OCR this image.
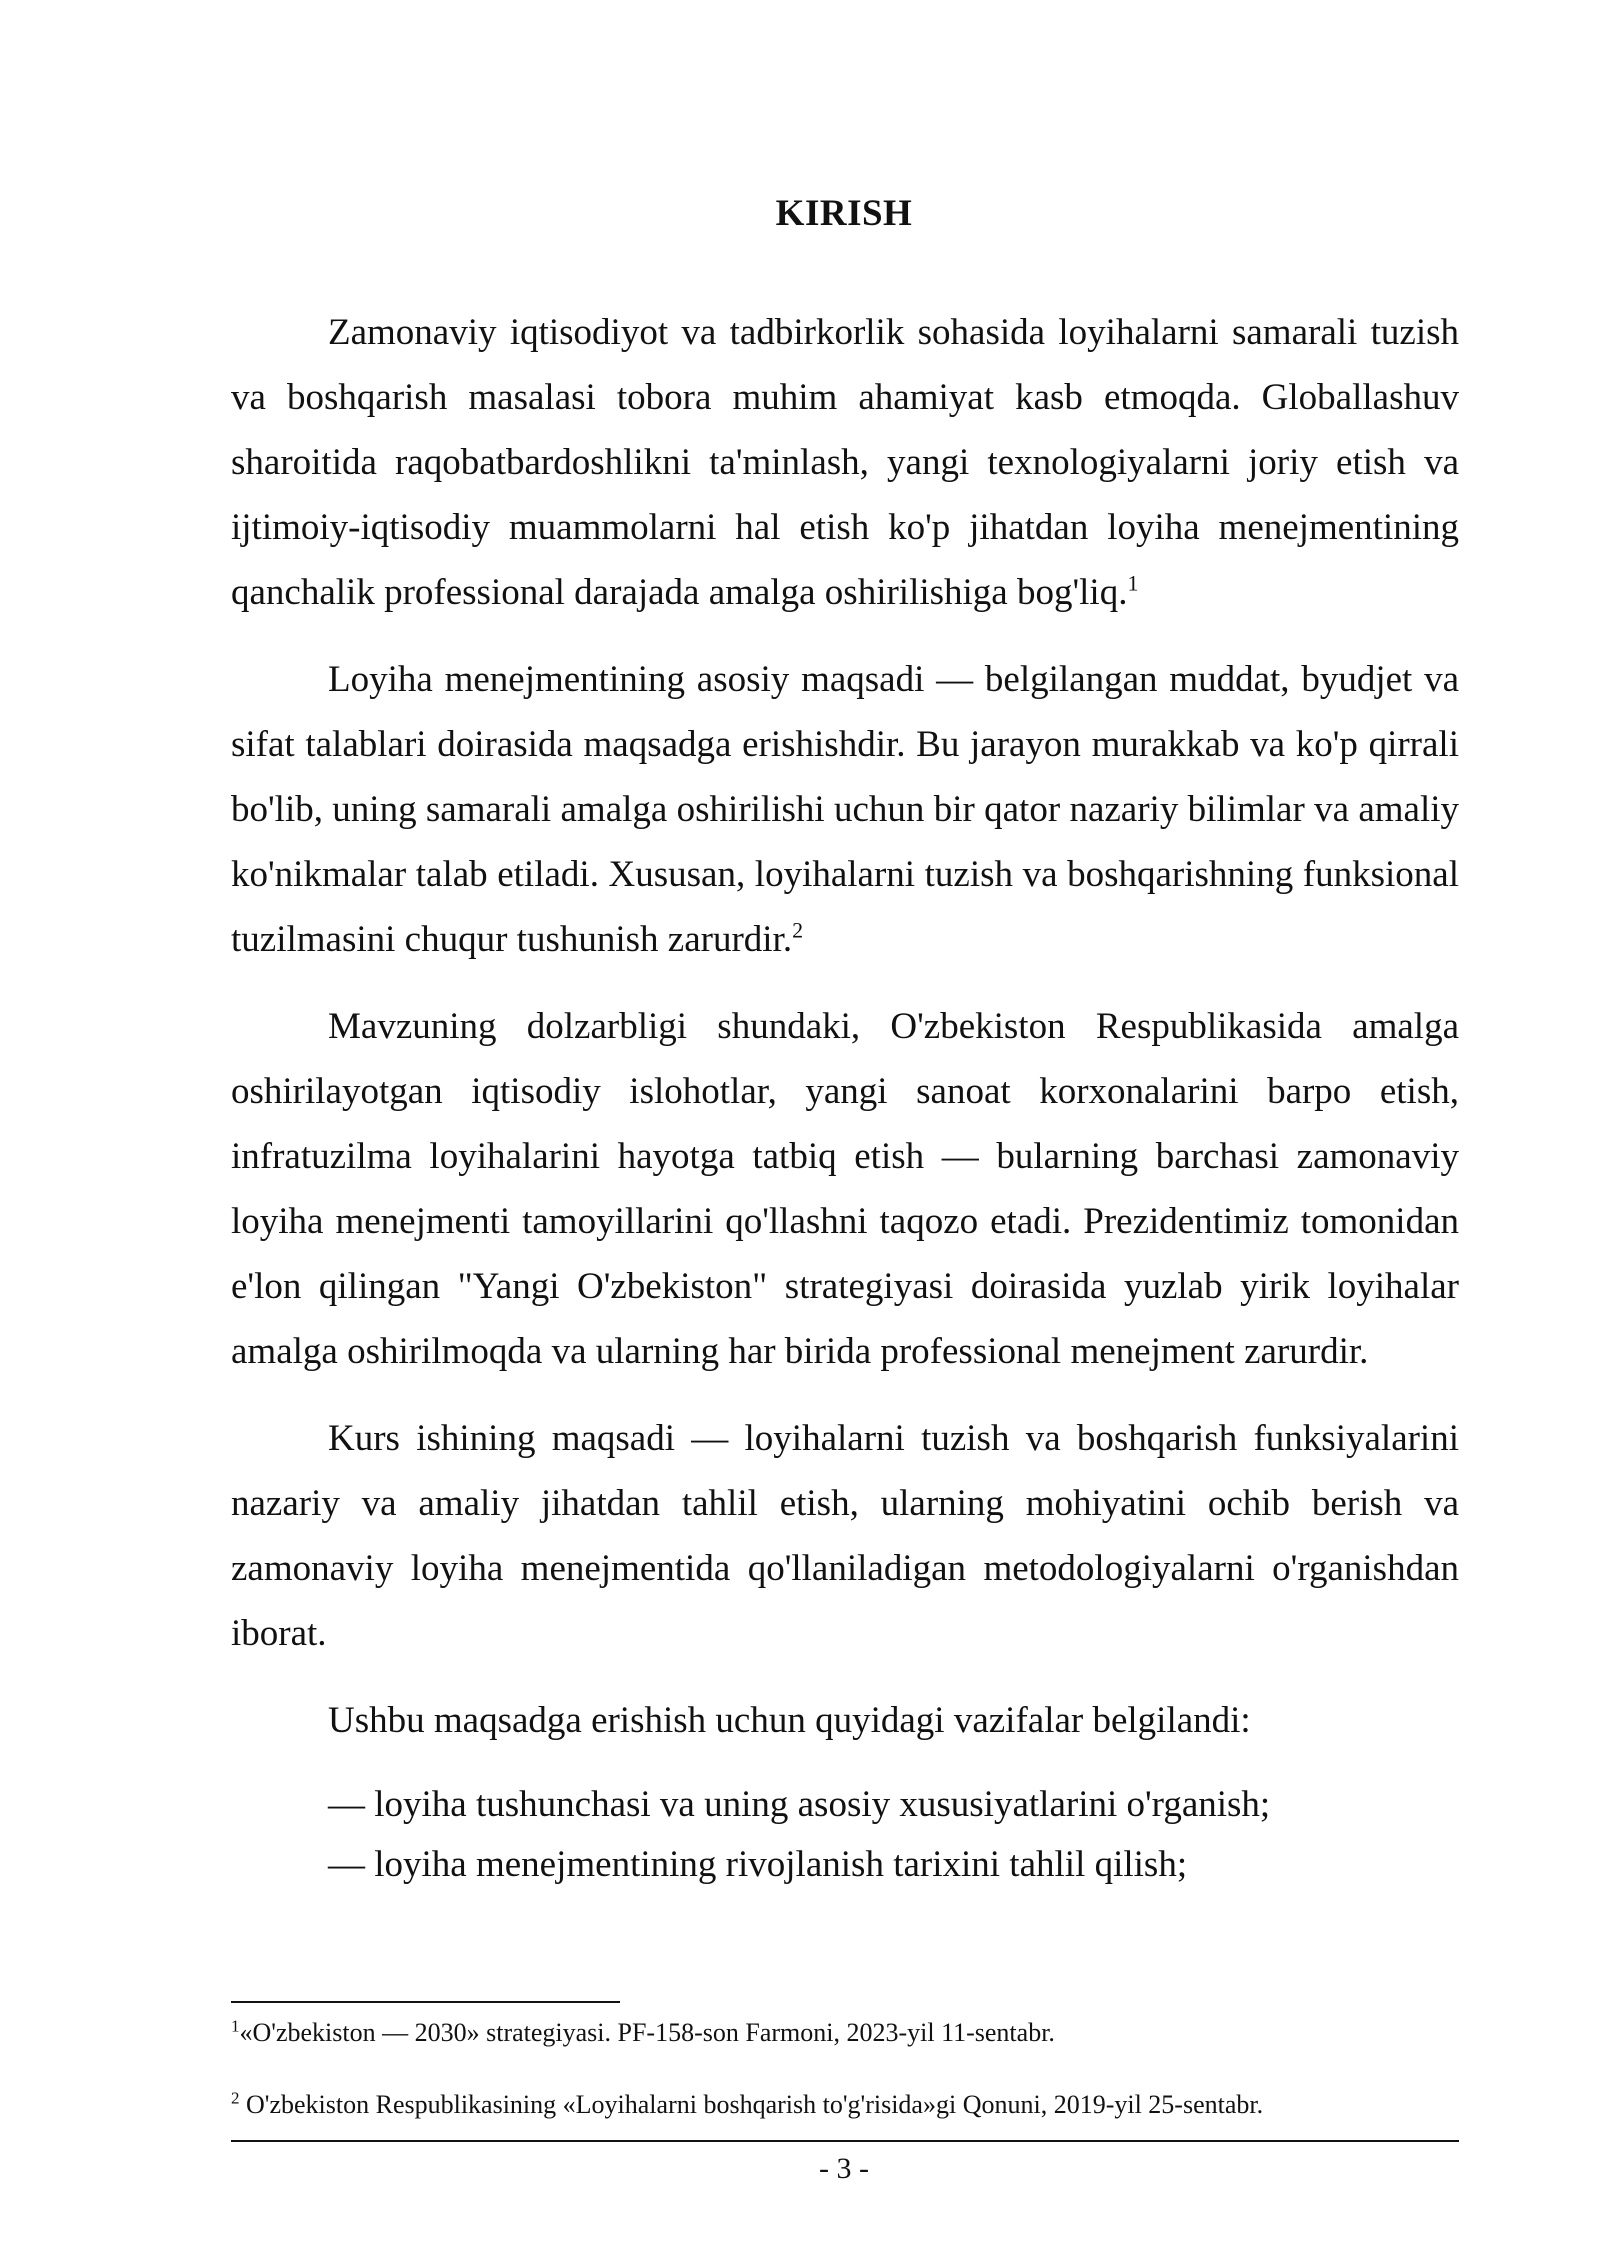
KIRISH

Zamonaviy iqtisodiyot va tadbirkorlik sohasida loyihalarni samarali tuzish va boshqarish masalasi tobora muhim ahamiyat kasb etmoqda. Globallashuv sharoitida raqobatbardoshlikni ta'minlash, yangi texnologiyalarni joriy etish va ijtimoiy-iqtisodiy muammolarni hal etish ko'p jihatdan loyiha menejmentining qanchalik professional darajada amalga oshirilishiga bog'liq.$^1$

Loyiha menejmentining asosiy maqsadi — belgilangan muddat, byudjet va sifat talablari doirasida maqsadga erishishdir. Bu jarayon murakkab va ko'p qirrali bo'lib, uning samarali amalga oshirilishi uchun bir qator nazariy bilimlar va amaliy ko'nikmalar talab etiladi. Xususan, loyihalarni tuzish va boshqarishning funksional tuzilmasini chuqur tushunish zarurdir.$^2$

Mavzuning dolzarbligi shundaki, O'zbekiston Respublikasida amalga oshirilayotgan iqtisodiy islohotlar, yangi sanoat korxonalarini barpo etish, infratuzilma loyihalarini hayotga tatbiq etish — bularning barchasi zamonaviy loyiha menejmenti tamoyillarini qo'llashni taqozo etadi. Prezidentimiz tomonidan e'lon qilingan "Yangi O'zbekiston" strategiyasi doirasida yuzlab yirik loyihalar amalga oshirilmoqda va ularning har birida professional menejment zarurdir.

Kurs ishining maqsadi — loyihalarni tuzish va boshqarish funksiyalarini nazariy va amaliy jihatdan tahlil etish, ularning mohiyatini ochib berish va zamonaviy loyiha menejmentida qo'llaniladigan metodologiyalarni o'rganishdan iborat.

Ushbu maqsadga erishish uchun quyidagi vazifalar belgilandi:

— loyiha tushunchasi va uning asosiy xususiyatlarini o'rganish;
— loyiha menejmentining rivojlanish tarixini tahlil qilish;

$^1$«O'zbekiston — 2030» strategiyasi. PF-158-son Farmoni, 2023-yil 11-sentabr.

$^2$ O'zbekiston Respublikasining «Loyihalarni boshqarish to'g'risida»gi Qonuni, 2019-yil 25-sentabr.

- 3 -
